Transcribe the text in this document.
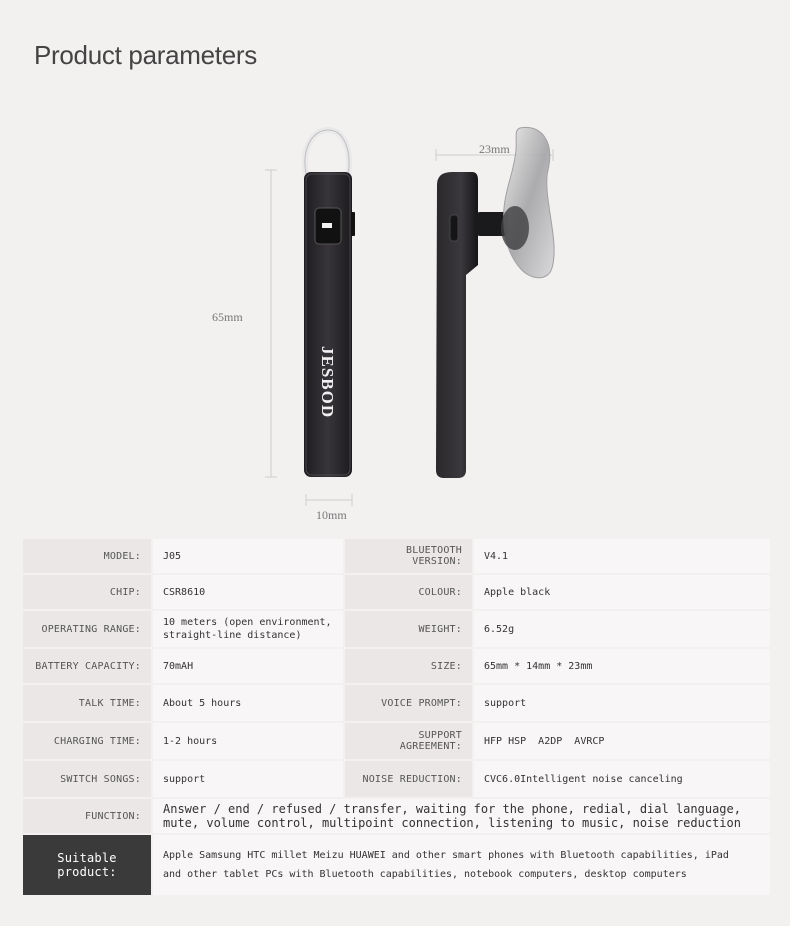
Product parameters
JESBOD
65mm
10mm
23mm
MODEL:	J05	BLUETOOTH VERSION:	V4.1
CHIP:	CSR8610	COLOUR:	Apple black
OPERATING RANGE:	10 meters (open environment, straight-line distance)	WEIGHT:	6.52g
BATTERY CAPACITY:	70mAH	SIZE:	65mm * 14mm * 23mm
TALK TIME:	About 5 hours	VOICE PROMPT:	support
CHARGING TIME:	1-2 hours	SUPPORT AGREEMENT:	HFP HSP  A2DP  AVRCP
SWITCH SONGS:	support	NOISE REDUCTION:	CVC6.0Intelligent noise canceling
FUNCTION:	Answer / end / refused / transfer, waiting for the phone, redial, dial language, mute, volume control, multipoint connection, listening to music, noise reduction		
Suitable product:	Apple Samsung HTC millet Meizu HUAWEI and other smart phones with Bluetooth capabilities, iPad
and other tablet PCs with Bluetooth capabilities, notebook computers, desktop computers		
